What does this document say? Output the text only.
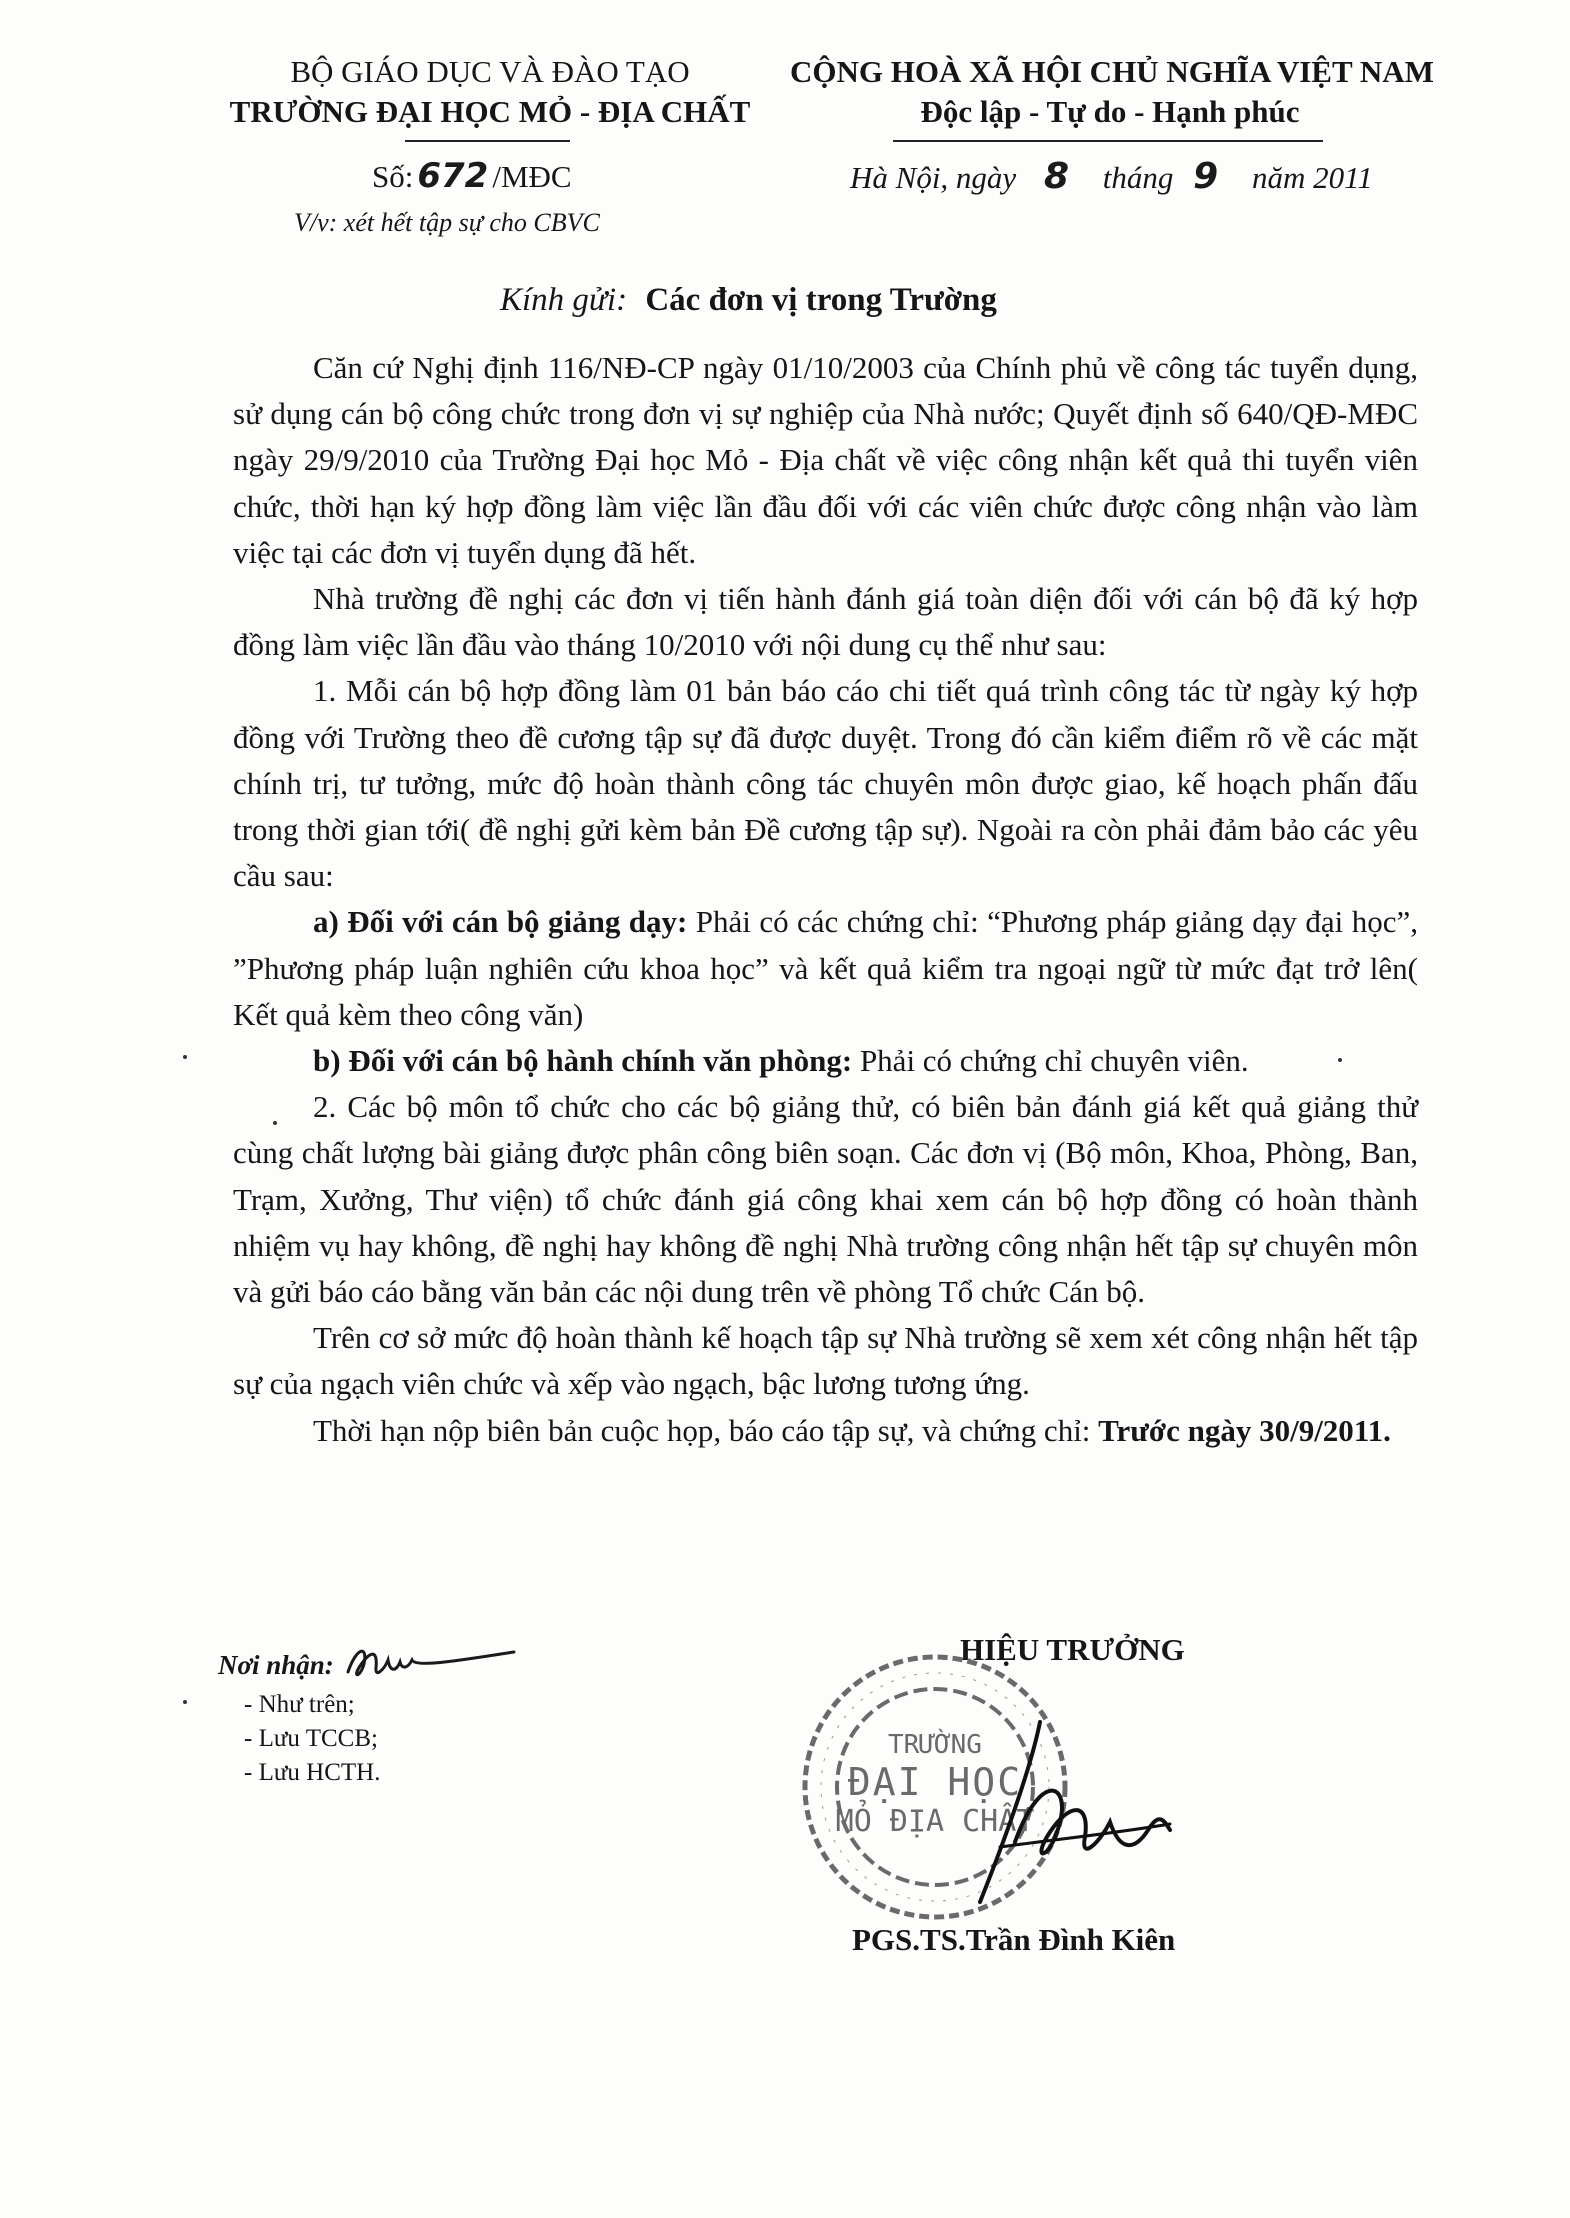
BỘ GIÁO DỤC VÀ ĐÀO TẠO
TRƯỜNG ĐẠI HỌC MỎ - ĐỊA CHẤT
Số: 672 /MĐC
V/v: xét hết tập sự cho CBVC
CỘNG HOÀ XÃ HỘI CHỦ NGHĨA VIỆT NAM
Độc lập - Tự do - Hạnh phúc
Hà Nội, ngày 8 tháng 9 năm 2011
Kính gửi: Các đơn vị trong Trường

Căn cứ Nghị định 116/NĐ-CP ngày 01/10/2003 của Chính phủ về công tác tuyển dụng, sử dụng cán bộ công chức trong đơn vị sự nghiệp của Nhà nước; Quyết định số 640/QĐ-MĐC ngày 29/9/2010 của Trường Đại học Mỏ - Địa chất về việc công nhận kết quả thi tuyển viên chức, thời hạn ký hợp đồng làm việc lần đầu đối với các viên chức được công nhận vào làm việc tại các đơn vị tuyển dụng đã hết.

Nhà trường đề nghị các đơn vị tiến hành đánh giá toàn diện đối với cán bộ đã ký hợp đồng làm việc lần đầu vào tháng 10/2010 với nội dung cụ thể như sau:

1. Mỗi cán bộ hợp đồng làm 01 bản báo cáo chi tiết quá trình công tác từ ngày ký hợp đồng với Trường theo đề cương tập sự đã được duyệt. Trong đó cần kiểm điểm rõ về các mặt chính trị, tư tưởng, mức độ hoàn thành công tác chuyên môn được giao, kế hoạch phấn đấu trong thời gian tới( đề nghị gửi kèm bản Đề cương tập sự). Ngoài ra còn phải đảm bảo các yêu cầu sau:

a) Đối với cán bộ giảng dạy: Phải có các chứng chỉ: “Phương pháp giảng dạy đại học”, ”Phương pháp luận nghiên cứu khoa học” và kết quả kiểm tra ngoại ngữ từ mức đạt trở lên( Kết quả kèm theo công văn)

b) Đối với cán bộ hành chính văn phòng: Phải có chứng chỉ chuyên viên.

2. Các bộ môn tổ chức cho các bộ giảng thử, có biên bản đánh giá kết quả giảng thử cùng chất lượng bài giảng được phân công biên soạn. Các đơn vị (Bộ môn, Khoa, Phòng, Ban, Trạm, Xưởng, Thư viện) tổ chức đánh giá công khai xem cán bộ hợp đồng có hoàn thành nhiệm vụ hay không, đề nghị hay không đề nghị Nhà trường công nhận hết tập sự chuyên môn và gửi báo cáo bằng văn bản các nội dung trên về phòng Tổ chức Cán bộ.

Trên cơ sở mức độ hoàn thành kế hoạch tập sự Nhà trường sẽ xem xét công nhận hết tập sự của ngạch viên chức và xếp vào ngạch, bậc lương tương ứng.

Thời hạn nộp biên bản cuộc họp, báo cáo tập sự, và chứng chỉ: Trước ngày 30/9/2011.

Nơi nhận:
- Như trên;
- Lưu TCCB;
- Lưu HCTH.
HIỆU TRƯỞNG
TRƯỜNG
ĐẠI HỌC
MỎ ĐỊA CHẤT
PGS.TS.Trần Đình Kiên
